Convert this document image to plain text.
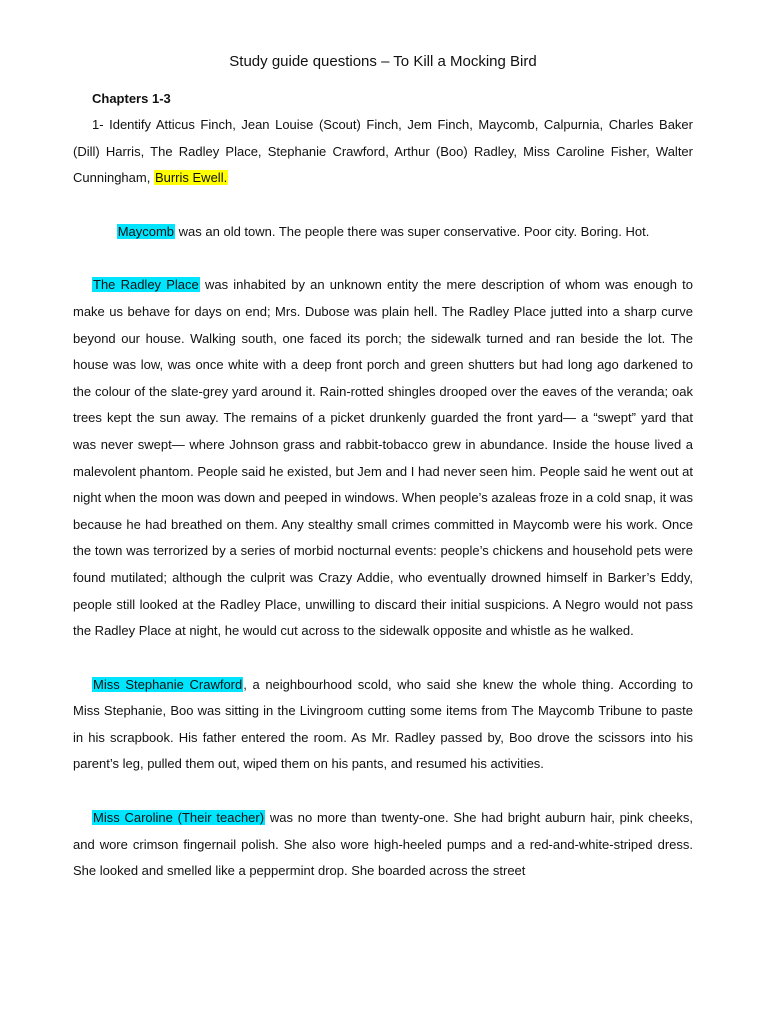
Study guide questions – To Kill a Mocking Bird
Chapters 1-3

1- Identify Atticus Finch, Jean Louise (Scout) Finch, Jem Finch, Maycomb, Calpurnia, Charles Baker (Dill) Harris, The Radley Place, Stephanie Crawford, Arthur (Boo) Radley, Miss Caroline Fisher, Walter Cunningham, Burris Ewell.

Maycomb was an old town. The people there was super conservative. Poor city. Boring. Hot.

The Radley Place was inhabited by an unknown entity the mere description of whom was enough to make us behave for days on end; Mrs. Dubose was plain hell. The Radley Place jutted into a sharp curve beyond our house. Walking south, one faced its porch; the sidewalk turned and ran beside the lot. The house was low, was once white with a deep front porch and green shutters but had long ago darkened to the colour of the slate-grey yard around it. Rain-rotted shingles drooped over the eaves of the veranda; oak trees kept the sun away. The remains of a picket drunkenly guarded the front yard— a “swept” yard that was never swept— where Johnson grass and rabbit-tobacco grew in abundance. Inside the house lived a malevolent phantom. People said he existed, but Jem and I had never seen him. People said he went out at night when the moon was down and peeped in windows. When people’s azaleas froze in a cold snap, it was because he had breathed on them. Any stealthy small crimes committed in Maycomb were his work. Once the town was terrorized by a series of morbid nocturnal events: people’s chickens and household pets were found mutilated; although the culprit was Crazy Addie, who eventually drowned himself in Barker’s Eddy, people still looked at the Radley Place, unwilling to discard their initial suspicions. A Negro would not pass the Radley Place at night, he would cut across to the sidewalk opposite and whistle as he walked.

Miss Stephanie Crawford, a neighbourhood scold, who said she knew the whole thing. According to Miss Stephanie, Boo was sitting in the Livingroom cutting some items from The Maycomb Tribune to paste in his scrapbook. His father entered the room. As Mr. Radley passed by, Boo drove the scissors into his parent’s leg, pulled them out, wiped them on his pants, and resumed his activities.

Miss Caroline (Their teacher) was no more than twenty-one. She had bright auburn hair, pink cheeks, and wore crimson fingernail polish. She also wore high-heeled pumps and a red-and-white-striped dress. She looked and smelled like a peppermint drop. She boarded across the street
